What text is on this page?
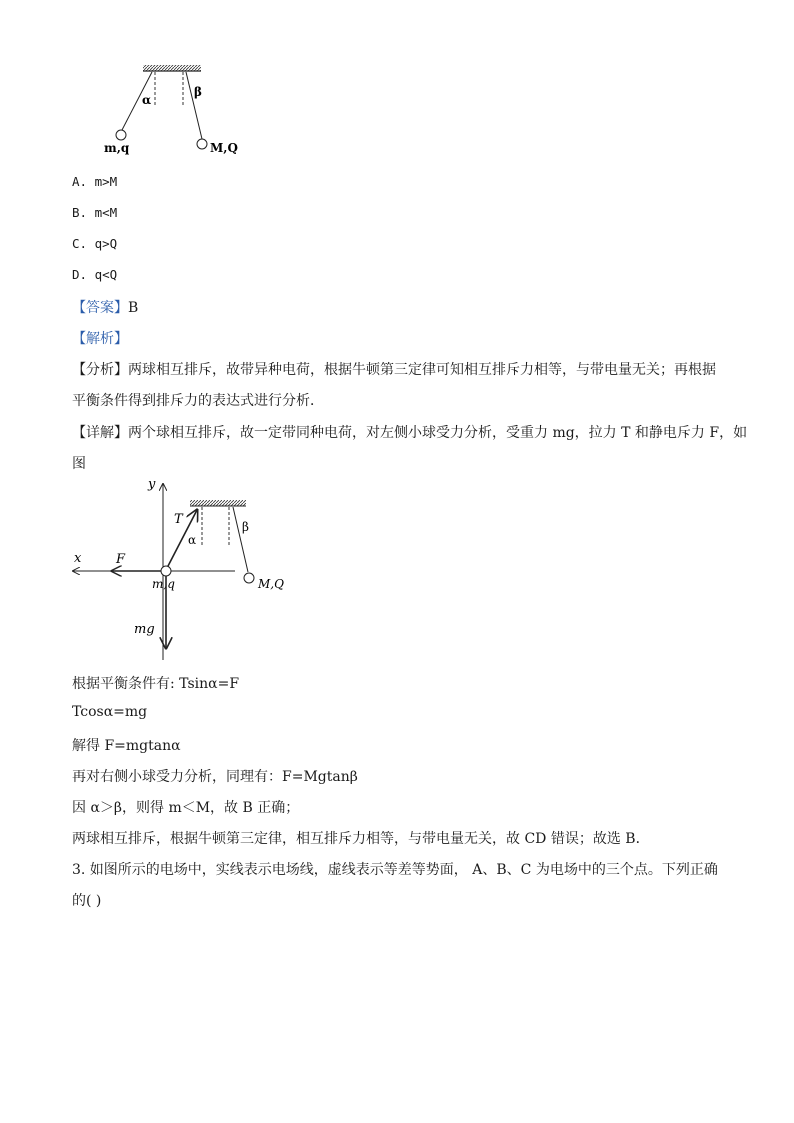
α
β
m,q	M,Q
A. m>M
B. m<M
C. q>Q
D. q<Q
【答案】B
【解析】
【分析】两球相互排斥，故带异种电荷，根据牛顿第三定律可知相互排斥力相等，与带电量无关；再根据
平衡条件得到排斥力的表达式进行分析．
【详解】两个球相互排斥，故一定带同种电荷，对左侧小球受力分析，受重力 mg，拉力 T 和静电斥力 F，如
图
y
x	F
T
α
β
m,q	M,Q
mg
根据平衡条件有: Tsinα=F
Tcosα=mg
解得 F=mgtanα
再对右侧小球受力分析，同理有：F=Mgtanβ
因 α＞β，则得 m＜M，故 B 正确；
两球相互排斥，根据牛顿第三定律，相互排斥力相等，与带电量无关，故 CD 错误；故选 B．
3. 如图所示的电场中，实线表示电场线，虚线表示等差等势面， A、B、C 为电场中的三个点。下列正确
的( )
